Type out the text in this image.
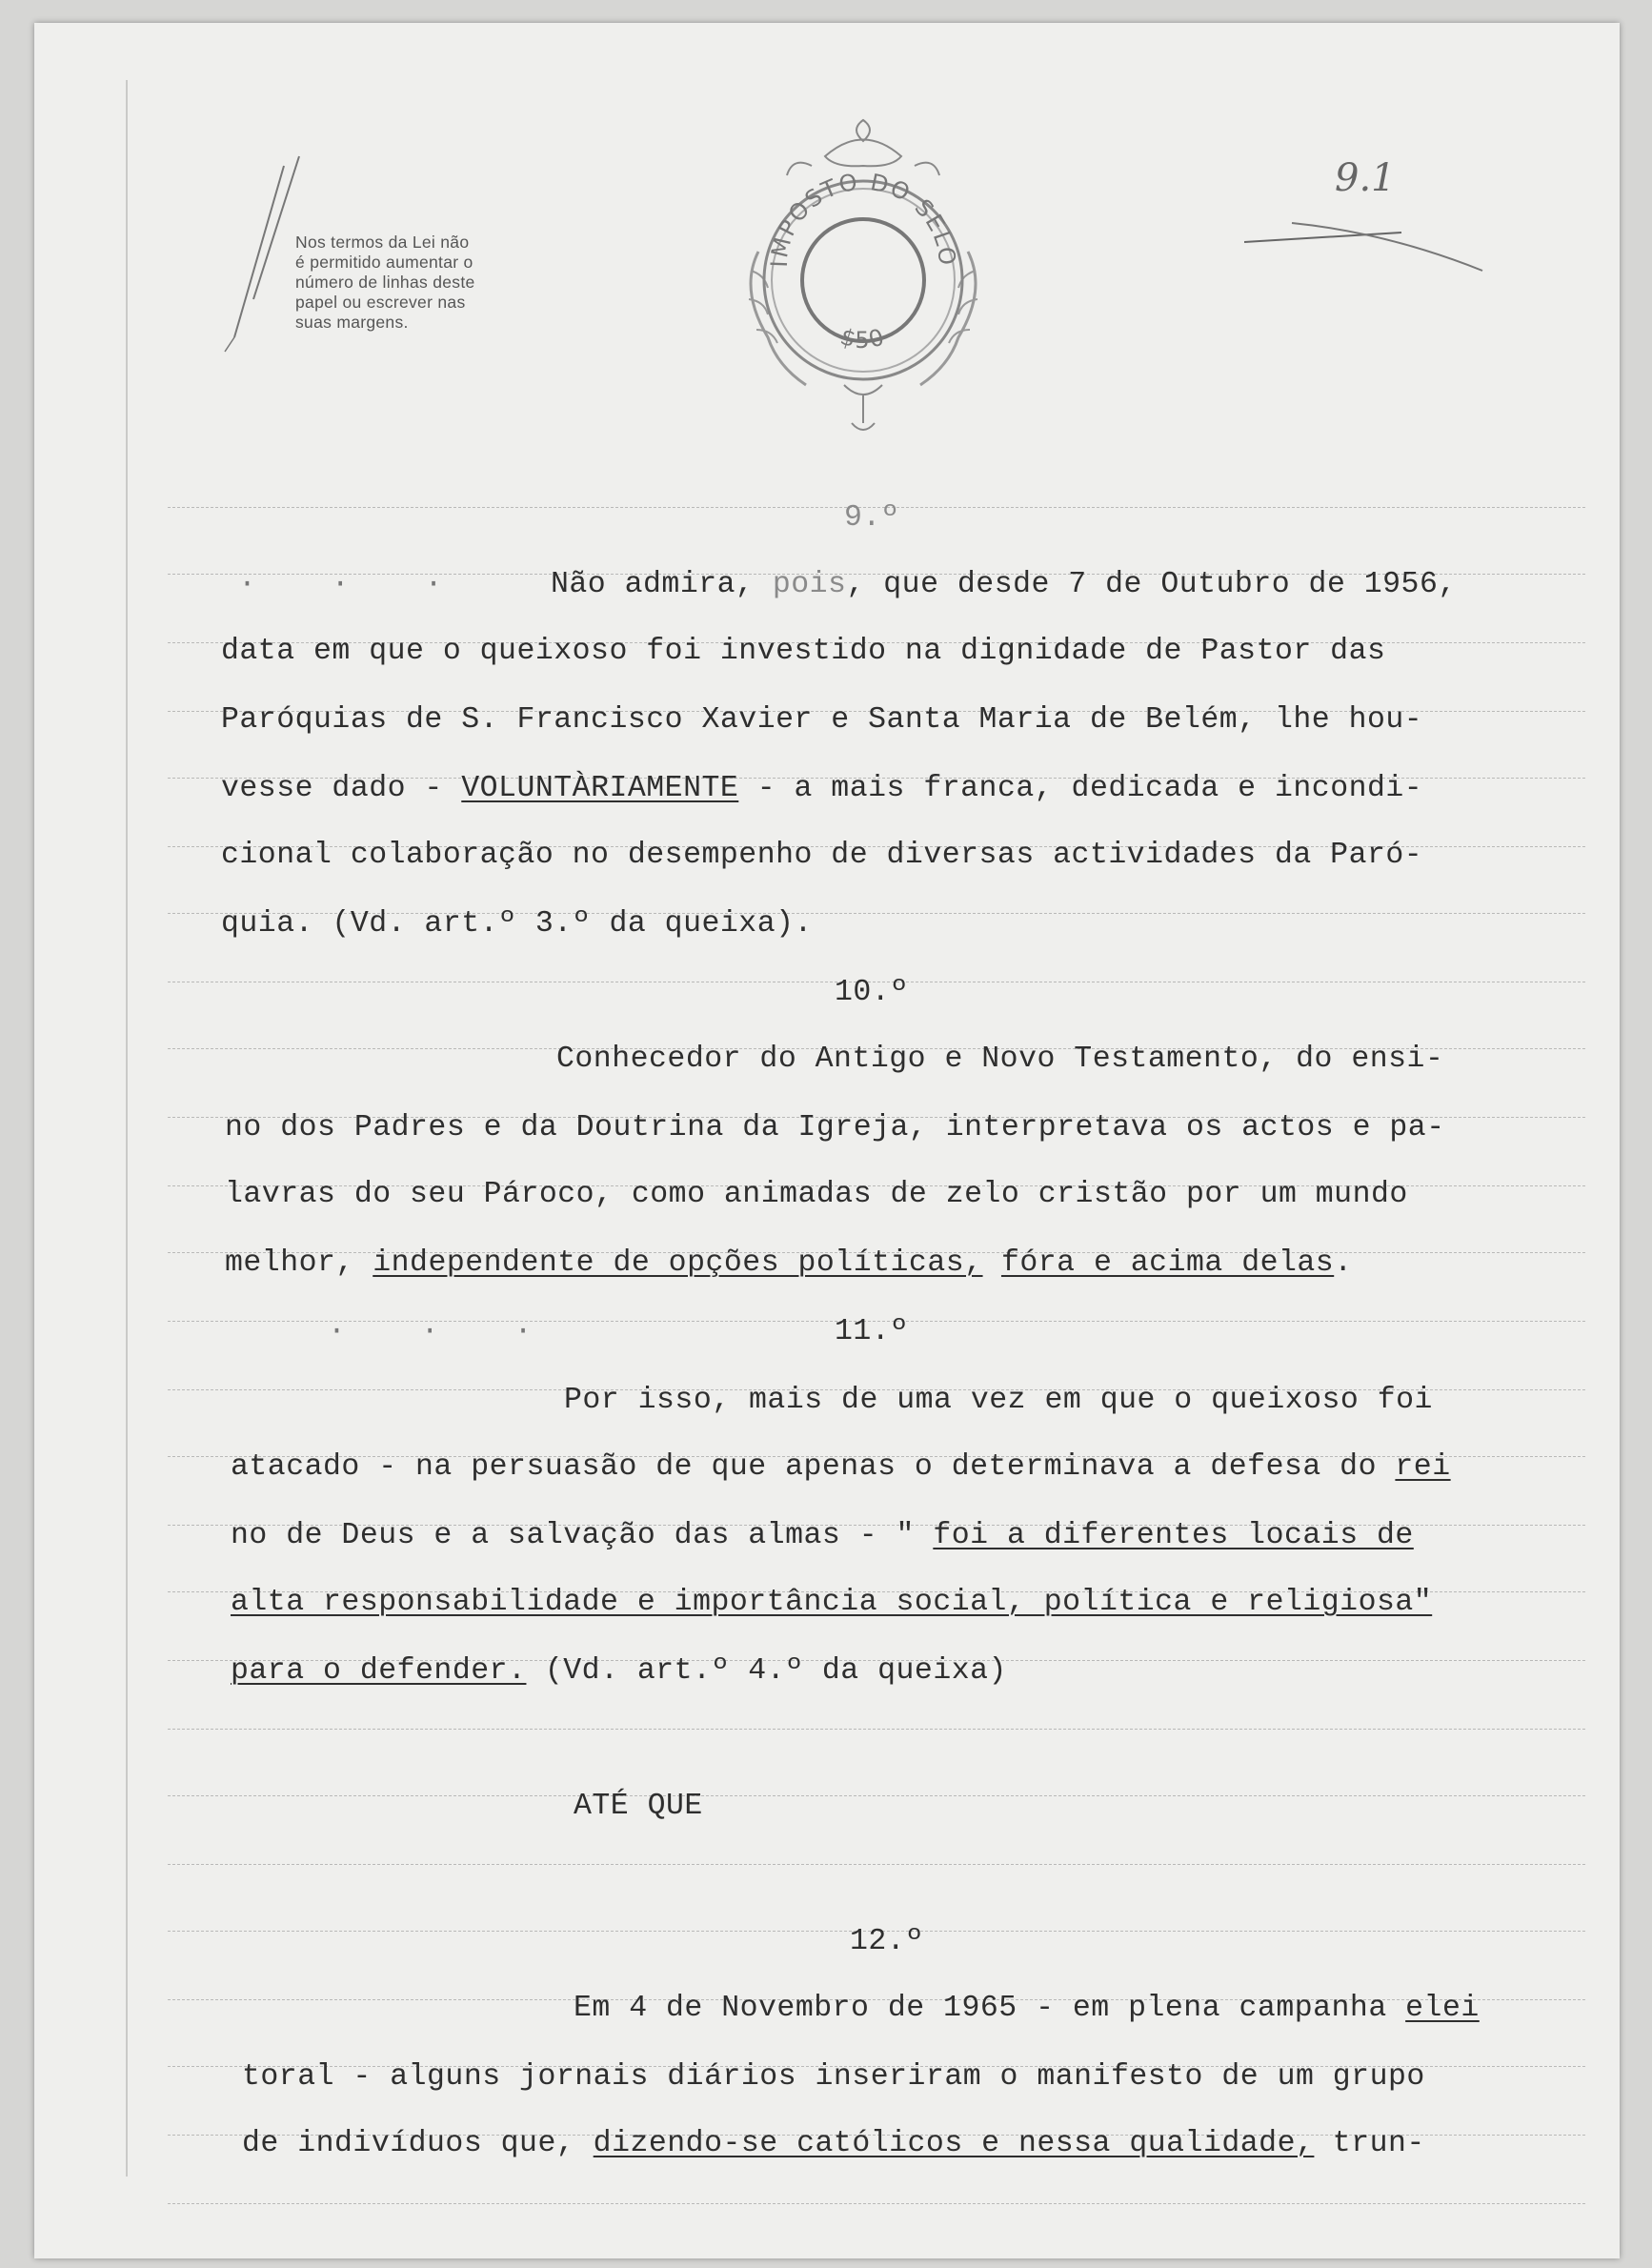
Nos termos da Lei não
é permitido aumentar o
número de linhas deste
papel ou escrever nas
suas margens.
IMPOSTO DO SELO
$50
9.1
9.º
· · ·	Não admira, pois, que desde 7 de Outubro de 1956,
data em que o queixoso foi investido na dignidade de Pastor das
Paróquias de S. Francisco Xavier e Santa Maria de Belém, lhe hou-
vesse dado - VOLUNTÀRIAMENTE - a mais franca, dedicada e incondi-
cional colaboração no desempenho de diversas actividades da Paró-
quia. (Vd. art.º 3.º da queixa).
10.º
Conhecedor do Antigo e Novo Testamento, do ensi-
no dos Padres e da Doutrina da Igreja, interpretava os actos e pa-
lavras do seu Pároco, como animadas de zelo cristão por um mundo
melhor, independente de opções políticas, fóra e acima delas.
· · ·	11.º
Por isso, mais de uma vez em que o queixoso foi
atacado - na persuasão de que apenas o determinava a defesa do rei
no de Deus e a salvação das almas - " foi a diferentes locais de
alta responsabilidade e importância social, política e religiosa"
para o defender. (Vd. art.º 4.º da queixa)
ATÉ QUE
12.º
Em 4 de Novembro de 1965 - em plena campanha elei
toral - alguns jornais diários inseriram o manifesto de um grupo
de indivíduos que, dizendo-se católicos e nessa qualidade, trun-
